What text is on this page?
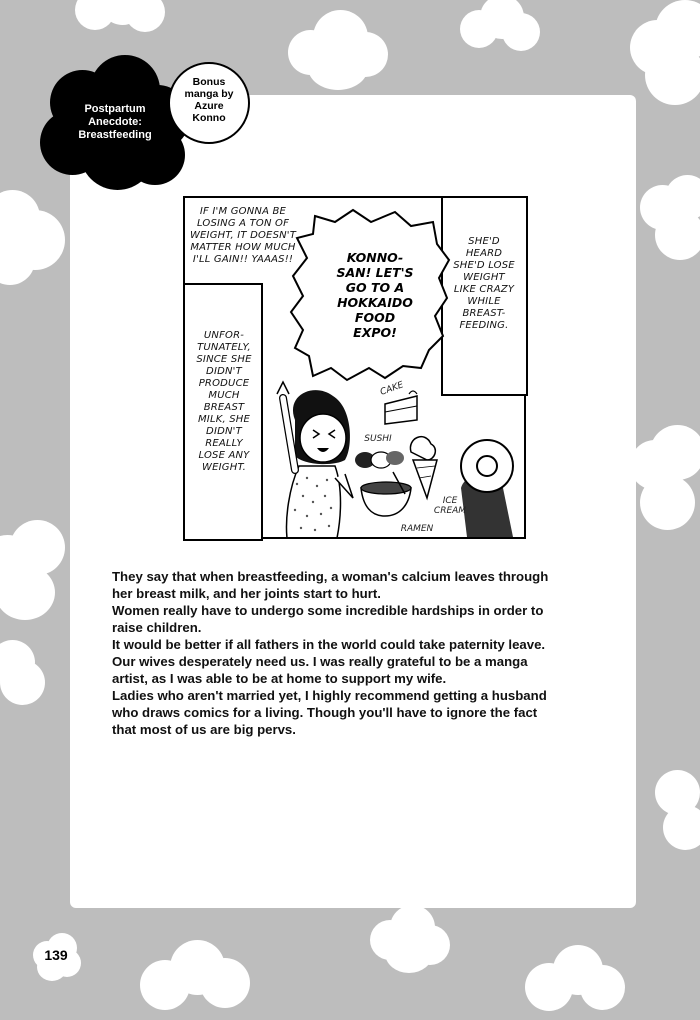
Postpartum
Anecdote:
Breastfeeding
Bonus
manga by
Azure
Konno
IF I'M GONNA BE
LOSING A TON OF
WEIGHT, IT DOESN'T
MATTER HOW MUCH
I'LL GAIN!! YAAAS!!	KONNO-
SAN! LET'S
GO TO A
HOKKAIDO
FOOD
EXPO!
SHE'D
HEARD
SHE'D LOSE
WEIGHT
LIKE CRAZY
WHILE
BREAST-
FEEDING.
UNFOR-
TUNATELY,
SINCE SHE
DIDN'T
PRODUCE
MUCH
BREAST
MILK, SHE
DIDN'T
REALLY
LOSE ANY
WEIGHT.
CAKE
SUSHI
ICE
CREAM
RAMEN

They say that when breastfeeding, a woman's calcium leaves through
her breast milk, and her joints start to hurt.

Women really have to undergo some incredible hardships in order to
raise children.

It would be better if all fathers in the world could take paternity leave.
Our wives desperately need us. I was really grateful to be a manga
artist, as I was able to be at home to support my wife.

Ladies who aren't married yet, I highly recommend getting a husband
who draws comics for a living. Though you'll have to ignore the fact
that most of us are big pervs.

139
